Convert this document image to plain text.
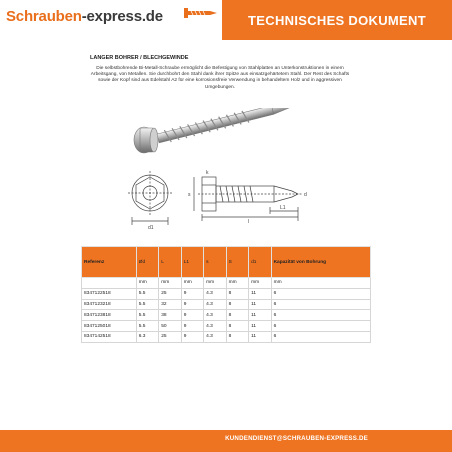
Schrauben-express.de	TECHNISCHES DOKUMENT
LANGER BOHRER / BLECHGEWINDE
Die selbstbohrende Bi-Metall-Schraube ermöglicht die Befestigung von Stahlplatten an Unterkonstruktionen in einem Arbeitsgang, von Metallen. Sie durchbohrt den Stahl dank ihrer Spitze aus einsatzgehärtetem Stahl. Der Rest des Schafts sowie der Kopf sind aus Edelstahl A2 für eine korrosionsfreie Verwendung in behandeltem Holz und in aggressiven Umgebungen.
d1
l
L1
k
d
s
Referenz	Ød	L	L1	s	S	d1	Kapazität von Bohrung
	mm	mm	mm	mm	mm	mm	mm
8347122518	5.5	25	9	4.3	8	11	6
8347123218	5.5	32	9	4.3	8	11	6
8347123818	5.5	38	9	4.3	8	11	6
8347125018	5.5	50	9	4.3	8	11	6
8347142518	6.3	25	9	4.3	8	11	6
KUNDENDIENST@SCHRAUBEN-EXPRESS.DE
